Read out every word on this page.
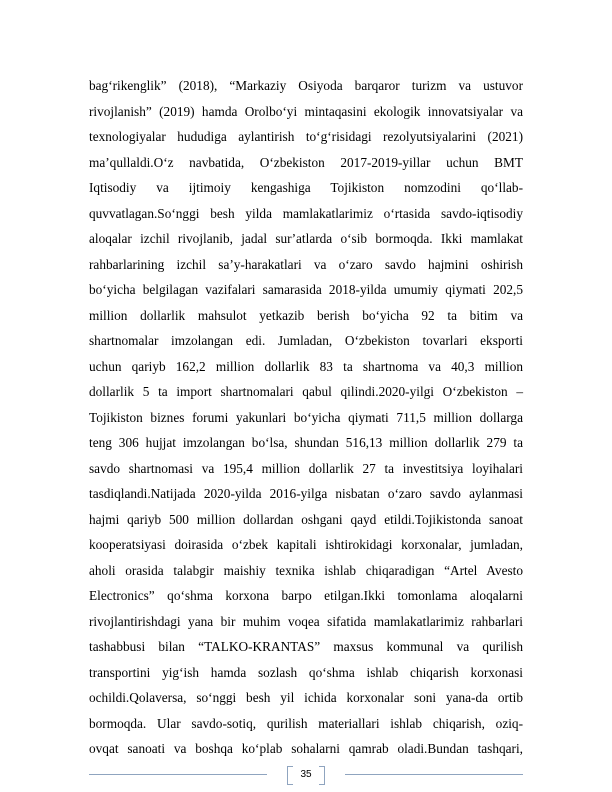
bagʻrikenglik” (2018), “Markaziy Osiyoda barqaror turizm va ustuvor
rivojlanish” (2019) hamda Orolboʻyi mintaqasini ekologik innovatsiyalar va
texnologiyalar hududiga aylantirish toʻgʻrisidagi rezolyutsiyalarini (2021)
maʼqullaldi.Oʻz navbatida, Oʻzbekiston 2017-2019-yillar uchun BMT
Iqtisodiy va ijtimoiy kengashiga Tojikiston nomzodini qoʻllab-
quvvatlagan.Soʻnggi besh yilda mamlakatlarimiz oʻrtasida savdo-iqtisodiy
aloqalar izchil rivojlanib, jadal surʼatlarda oʻsib bormoqda. Ikki mamlakat
rahbarlarining izchil saʼy-harakatlari va oʻzaro savdo hajmini oshirish
boʻyicha belgilagan vazifalari samarasida 2018-yilda umumiy qiymati 202,5
million dollarlik mahsulot yetkazib berish boʻyicha 92 ta bitim va
shartnomalar imzolangan edi. Jumladan, Oʻzbekiston tovarlari eksporti
uchun qariyb 162,2 million dollarlik 83 ta shartnoma va 40,3 million
dollarlik 5 ta import shartnomalari qabul qilindi.2020-yilgi Oʻzbekiston –
Tojikiston biznes forumi yakunlari boʻyicha qiymati 711,5 million dollarga
teng 306 hujjat imzolangan boʻlsa, shundan 516,13 million dollarlik 279 ta
savdo shartnomasi va 195,4 million dollarlik 27 ta investitsiya loyihalari
tasdiqlandi.Natijada 2020-yilda 2016-yilga nisbatan oʻzaro savdo aylanmasi
hajmi qariyb 500 million dollardan oshgani qayd etildi.Tojikistonda sanoat
kooperatsiyasi doirasida oʻzbek kapitali ishtirokidagi korxonalar, jumladan,
aholi orasida talabgir maishiy texnika ishlab chiqaradigan “Artel Avesto
Electronics” qoʻshma korxona barpo etilgan.Ikki tomonlama aloqalarni
rivojlantirishdagi yana bir muhim voqea sifatida mamlakatlarimiz rahbarlari
tashabbusi bilan “TALKO-KRANTAS” maxsus kommunal va qurilish
transportini yigʻish hamda sozlash qoʻshma ishlab chiqarish korxonasi
ochildi.Qolaversa, soʻnggi besh yil ichida korxonalar soni yana-da ortib
bormoqda. Ular savdo-sotiq, qurilish materiallari ishlab chiqarish, oziq-
ovqat sanoati va boshqa koʻplab sohalarni qamrab oladi.Bundan tashqari,
35
